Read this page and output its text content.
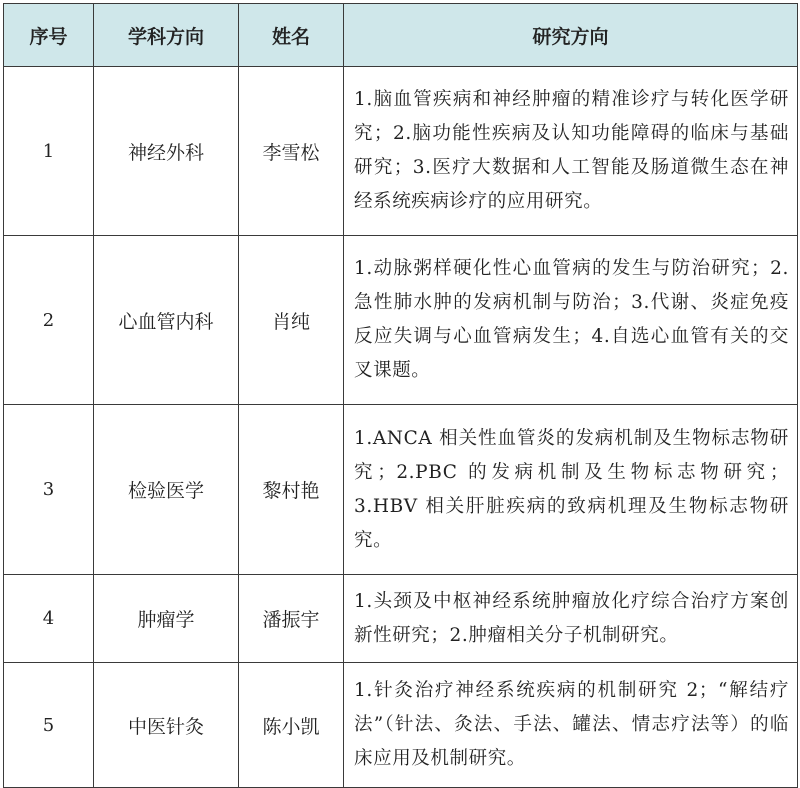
序号	学科方向	姓名	研究方向
1	神经外科	李雪松	1.脑血管疾病和神经肿瘤的精准诊疗与转化医学研究；2.脑功能性疾病及认知功能障碍的临床与基础研究；3.医疗大数据和人工智能及肠道微生态在神经系统疾病诊疗的应用研究。
2	心血管内科	肖纯	1.动脉粥样硬化性心血管病的发生与防治研究；2.急性肺水肿的发病机制与防治；3.代谢、炎症免疫反应失调与心血管病发生；4.自选心血管有关的交叉课题。
3	检验医学	黎村艳	1.ANCA 相关性血管炎的发病机制及生物标志物研究；2.PBC 的发病机制及生物标志物研究；3.HBV 相关肝脏疾病的致病机理及生物标志物研究。
4	肿瘤学	潘振宇	1.头颈及中枢神经系统肿瘤放化疗综合治疗方案创新性研究；2.肿瘤相关分子机制研究。
5	中医针灸	陈小凯	1.针灸治疗神经系统疾病的机制研究 2；“解结疗法”（针法、灸法、手法、罐法、情志疗法等）的临床应用及机制研究。
